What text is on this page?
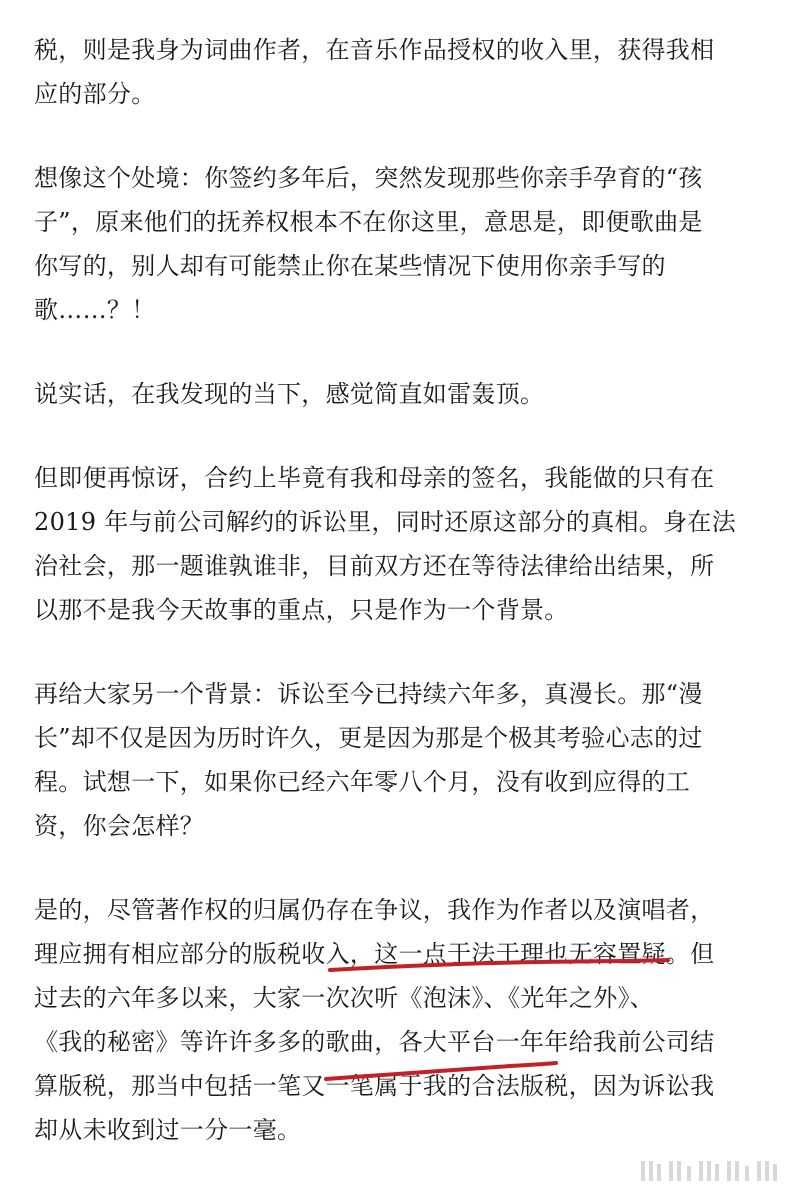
税，则是我身为词曲作者，在音乐作品授权的收入里，获得我相
应的部分。

想像这个处境：你签约多年后，突然发现那些你亲手孕育的“孩
子”，原来他们的抚养权根本不在你这里，意思是，即便歌曲是
你写的，别人却有可能禁止你在某些情况下使用你亲手写的
歌……？！

说实话，在我发现的当下，感觉简直如雷轰顶。

但即便再惊讶，合约上毕竟有我和母亲的签名，我能做的只有在
2019 年与前公司解约的诉讼里，同时还原这部分的真相。身在法
治社会，那一题谁孰谁非，目前双方还在等待法律给出结果，所
以那不是我今天故事的重点，只是作为一个背景。

再给大家另一个背景：诉讼至今已持续六年多，真漫长。那“漫
长”却不仅是因为历时许久，更是因为那是个极其考验心志的过
程。试想一下，如果你已经六年零八个月，没有收到应得的工
资，你会怎样？

是的，尽管著作权的归属仍存在争议，我作为作者以及演唱者，
理应拥有相应部分的版税收入，这一点于法于理也无容置疑。但
过去的六年多以来，大家一次次听《泡沫》、《光年之外》、
《我的秘密》等许许多多的歌曲，各大平台一年年给我前公司结
算版税，那当中包括一笔又一笔属于我的合法版税，因为诉讼我
却从未收到过一分一毫。
